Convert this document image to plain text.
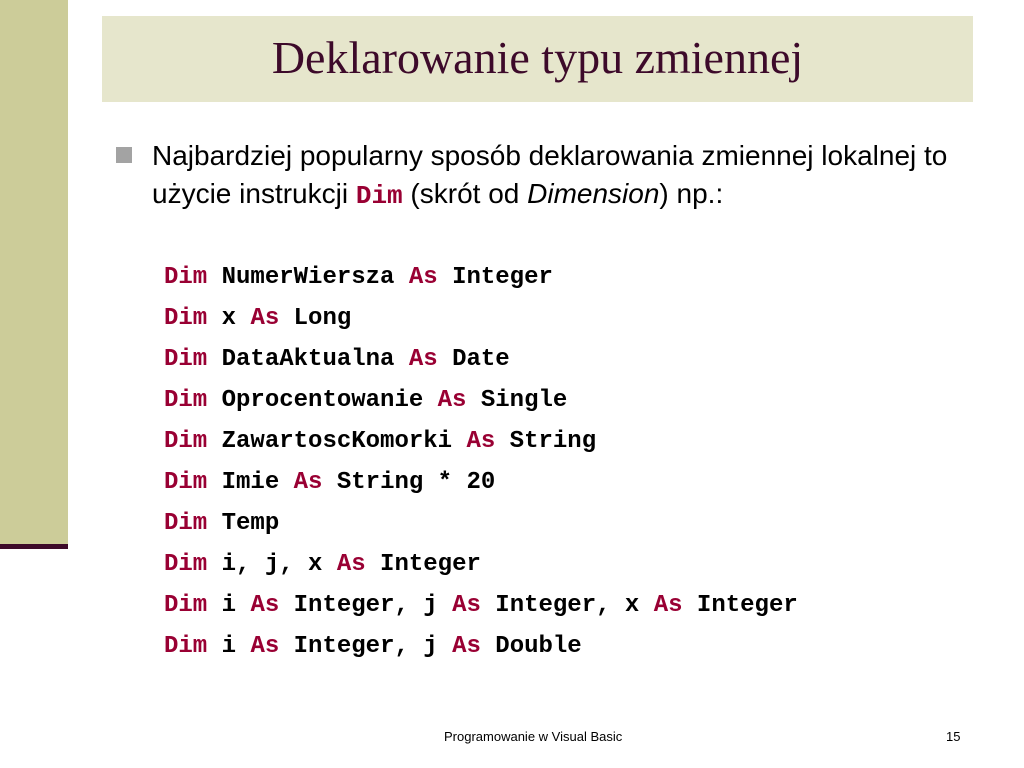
Deklarowanie typu zmiennej
Najbardziej popularny sposób deklarowania zmiennej lokalnej to użycie instrukcji Dim (skrót od Dimension) np.:
Dim NumerWiersza As Integer
Dim x As Long
Dim DataAktualna As Date
Dim Oprocentowanie As Single
Dim ZawartoscKomorki As String
Dim Imie As String * 20
Dim Temp
Dim i, j, x As Integer
Dim i As Integer, j As Integer, x As Integer
Dim i As Integer, j As Double
Programowanie w Visual Basic	15
